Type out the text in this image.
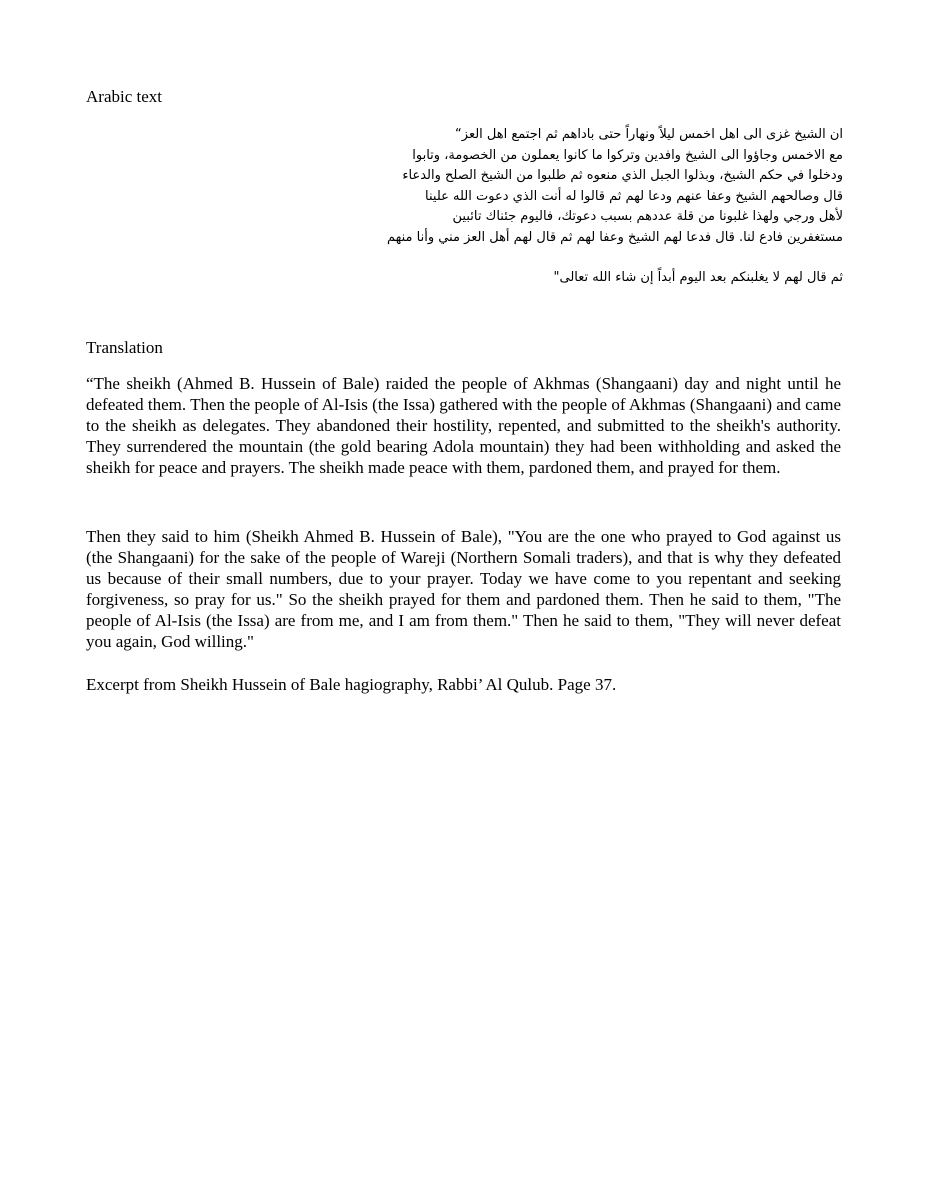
Arabic text
ان الشيخ غزى الى اهل اخمس ليلاً ونهاراً حتى باداهم ثم اجتمع اهل العز“
مع الاخمس وجاؤوا الى الشيخ وافدين وتركوا ما كانوا يعملون من الخصومة، وتابوا
ودخلوا في حكم الشيخ، وبذلوا الجبل الذي منعوه ثم طلبوا من الشيخ الصلح والدعاء
قال وصالحهم الشيخ وعفا عنهم ودعا لهم ثم قالوا له أنت الذي دعوت الله علينا
لأهل ورجي ولهذا غلبونا من قلة عددهم بسبب دعوتك، فاليوم جئناك تائبين
مستغفرين فادع لنا. قال فدعا لهم الشيخ وعفا لهم ثم قال لهم أهل العز مني وأنا منهم
ثم قال لهم لا يغلبنكم بعد اليوم أبداً إن شاء الله تعالى"
Translation

“The sheikh (Ahmed B. Hussein of Bale) raided the people of Akhmas (Shangaani) day and night until he defeated them. Then the people of Al-Isis (the Issa) gathered with the people of Akhmas (Shangaani) and came to the sheikh as delegates. They abandoned their hostility, repented, and submitted to the sheikh's authority. They surrendered the mountain (the gold bearing Adola mountain) they had been withholding and asked the sheikh for peace and prayers. The sheikh made peace with them, pardoned them, and prayed for them.

Then they said to him (Sheikh Ahmed B. Hussein of Bale), "You are the one who prayed to God against us (the Shangaani) for the sake of the people of Wareji (Northern Somali traders), and that is why they defeated us because of their small numbers, due to your prayer. Today we have come to you repentant and seeking forgiveness, so pray for us." So the sheikh prayed for them and pardoned them. Then he said to them, "The people of Al-Isis (the Issa) are from me, and I am from them." Then he said to them, "They will never defeat you again, God willing."

Excerpt from Sheikh Hussein of Bale hagiography, Rabbi’ Al Qulub. Page 37.
